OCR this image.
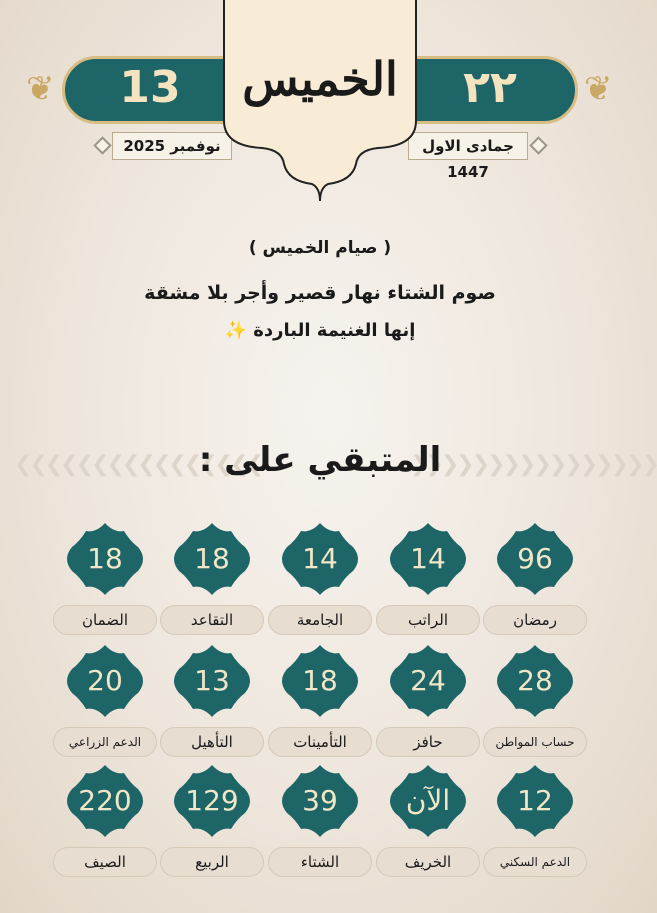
❦	❦
13	٢٢
نوفمبر 2025	جمادى الاول 1447
الخميس
( صيام الخميس )
صوم الشتاء نهار قصير وأجر بلا مشقة
إنها الغنيمة الباردة ✨
❮❮❮❮❮❮❮❮❮❮❮❮❮❮❮❮	❯❯❯❯❯❯❯❯❯❯❯❯❯❯❯❯
المتبقي على :
96
رمضان
14
الراتب
14
الجامعة
18
التقاعد
18
الضمان
28
حساب المواطن
24
حافز
18
التأمينات
13
التأهيل
20
الدعم الزراعي
12
الدعم السكني
الآن
الخريف
39
الشتاء
129
الربيع
220
الصيف
